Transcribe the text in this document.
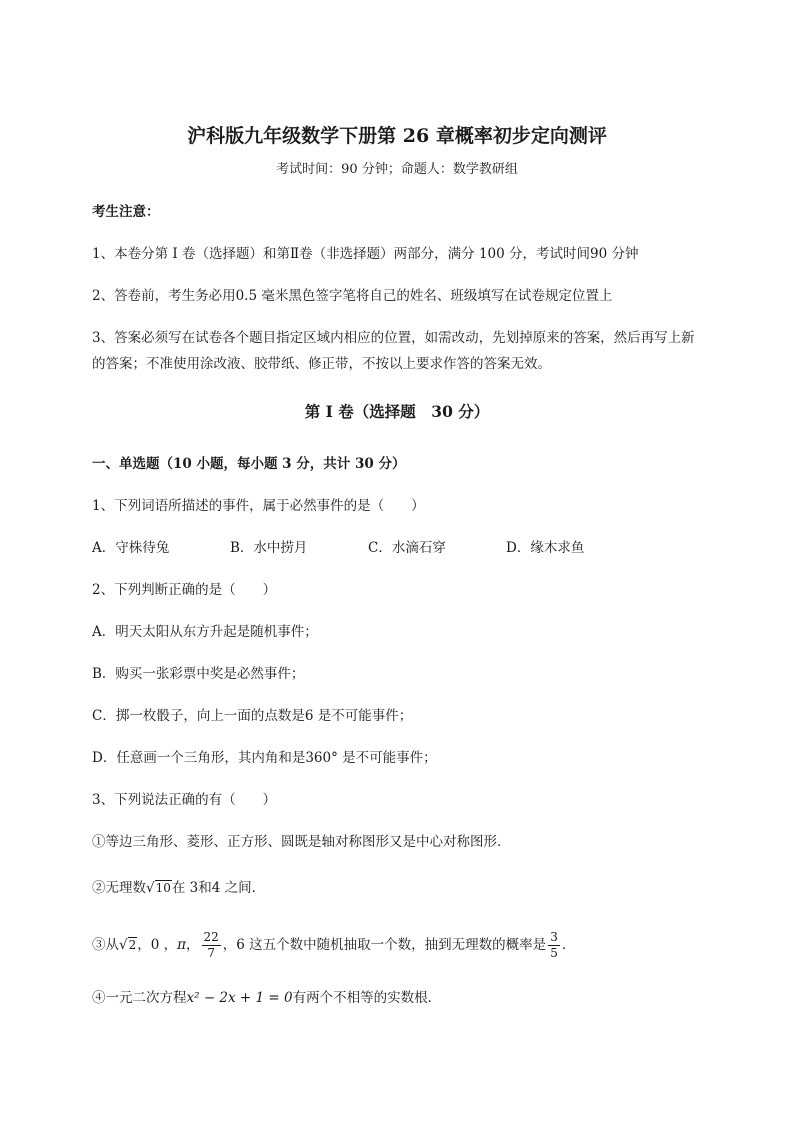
沪科版九年级数学下册第 26 章概率初步定向测评
考试时间：90 分钟；命题人：数学教研组
考生注意：
1、本卷分第 I 卷（选择题）和第Ⅱ卷（非选择题）两部分，满分 100 分，考试时间90 分钟
2、答卷前，考生务必用0.5 毫米黑色签字笔将自己的姓名、班级填写在试卷规定位置上
3、答案必须写在试卷各个题目指定区域内相应的位置，如需改动，先划掉原来的答案，然后再写上新
的答案；不准使用涂改液、胶带纸、修正带，不按以上要求作答的答案无效。
第 I 卷（选择题　30 分）
一、单选题（10 小题，每小题 3 分，共计 30 分）
1、下列词语所描述的事件，属于必然事件的是（　　）
A．守株待兔	B．水中捞月	C．水滴石穿	D．缘木求鱼
2、下列判断正确的是（　　）
A．明天太阳从东方升起是随机事件；
B．购买一张彩票中奖是必然事件；
C．掷一枚骰子，向上一面的点数是6 是不可能事件；
D．任意画一个三角形，其内角和是360° 是不可能事件；
3、下列说法正确的有（　　）
①等边三角形、菱形、正方形、圆既是轴对称图形又是中心对称图形．
②无理数√10在 3和4 之间．
③从√2，0 ，π， $\frac{22}{7}$ ，6 这五个数中随机抽取一个数，抽到无理数的概率是 $\frac{3}{5}$ ．
④一元二次方程x² − 2x + 1 = 0有两个不相等的实数根．
